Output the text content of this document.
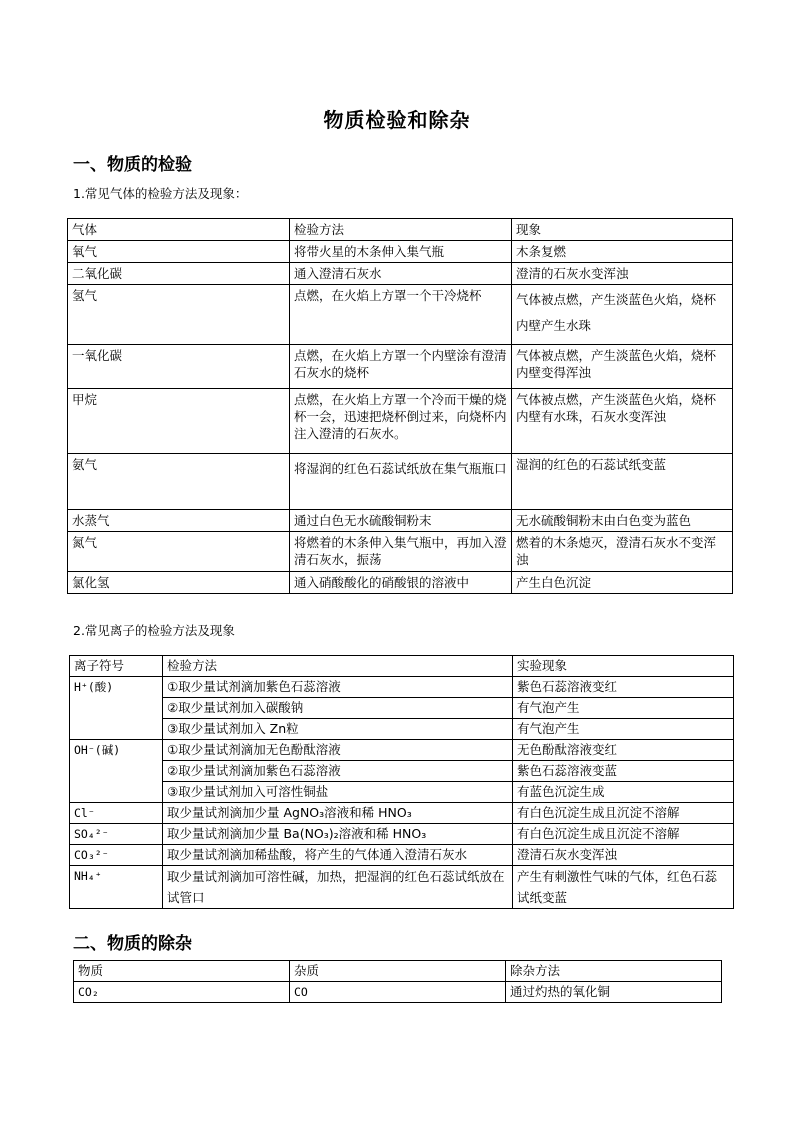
物质检验和除杂
一、物质的检验
1.常见气体的检验方法及现象：
气体	检验方法	现象
氧气	将带火星的木条伸入集气瓶	木条复燃
二氧化碳	通入澄清石灰水	澄清的石灰水变浑浊
氢气	点燃，在火焰上方罩一个干冷烧杯	气体被点燃，产生淡蓝色火焰，烧杯内壁产生水珠
一氧化碳	点燃，在火焰上方罩一个内壁涂有澄清石灰水的烧杯	气体被点燃，产生淡蓝色火焰，烧杯内壁变得浑浊
甲烷	点燃，在火焰上方罩一个冷而干燥的烧杯一会，迅速把烧杯倒过来，向烧杯内注入澄清的石灰水。	气体被点燃，产生淡蓝色火焰，烧杯内壁有水珠，石灰水变浑浊
氨气	将湿润的红色石蕊试纸放在集气瓶瓶口	湿润的红色的石蕊试纸变蓝
水蒸气	通过白色无水硫酸铜粉末	无水硫酸铜粉末由白色变为蓝色
氮气	将燃着的木条伸入集气瓶中，再加入澄清石灰水，振荡	燃着的木条熄灭，澄清石灰水不变浑浊
氯化氢	通入硝酸酸化的硝酸银的溶液中	产生白色沉淀
2.常见离子的检验方法及现象
离子符号	检验方法	实验现象
H⁺(酸)	①取少量试剂滴加紫色石蕊溶液	紫色石蕊溶液变红
	②取少量试剂加入碳酸钠	有气泡产生
	③取少量试剂加入 Zn粒	有气泡产生
OH⁻(碱)	①取少量试剂滴加无色酚酞溶液	无色酚酞溶液变红
	②取少量试剂滴加紫色石蕊溶液	紫色石蕊溶液变蓝
	③取少量试剂加入可溶性铜盐	有蓝色沉淀生成
Cl⁻	取少量试剂滴加少量 AgNO₃溶液和稀 HNO₃	有白色沉淀生成且沉淀不溶解
SO₄²⁻	取少量试剂滴加少量 Ba(NO₃)₂溶液和稀 HNO₃	有白色沉淀生成且沉淀不溶解
CO₃²⁻	取少量试剂滴加稀盐酸，将产生的气体通入澄清石灰水	澄清石灰水变浑浊
NH₄⁺	取少量试剂滴加可溶性碱，加热，把湿润的红色石蕊试纸放在试管口	产生有刺激性气味的气体，红色石蕊试纸变蓝
二、物质的除杂
物质	杂质	除杂方法
CO₂	CO	通过灼热的氧化铜
